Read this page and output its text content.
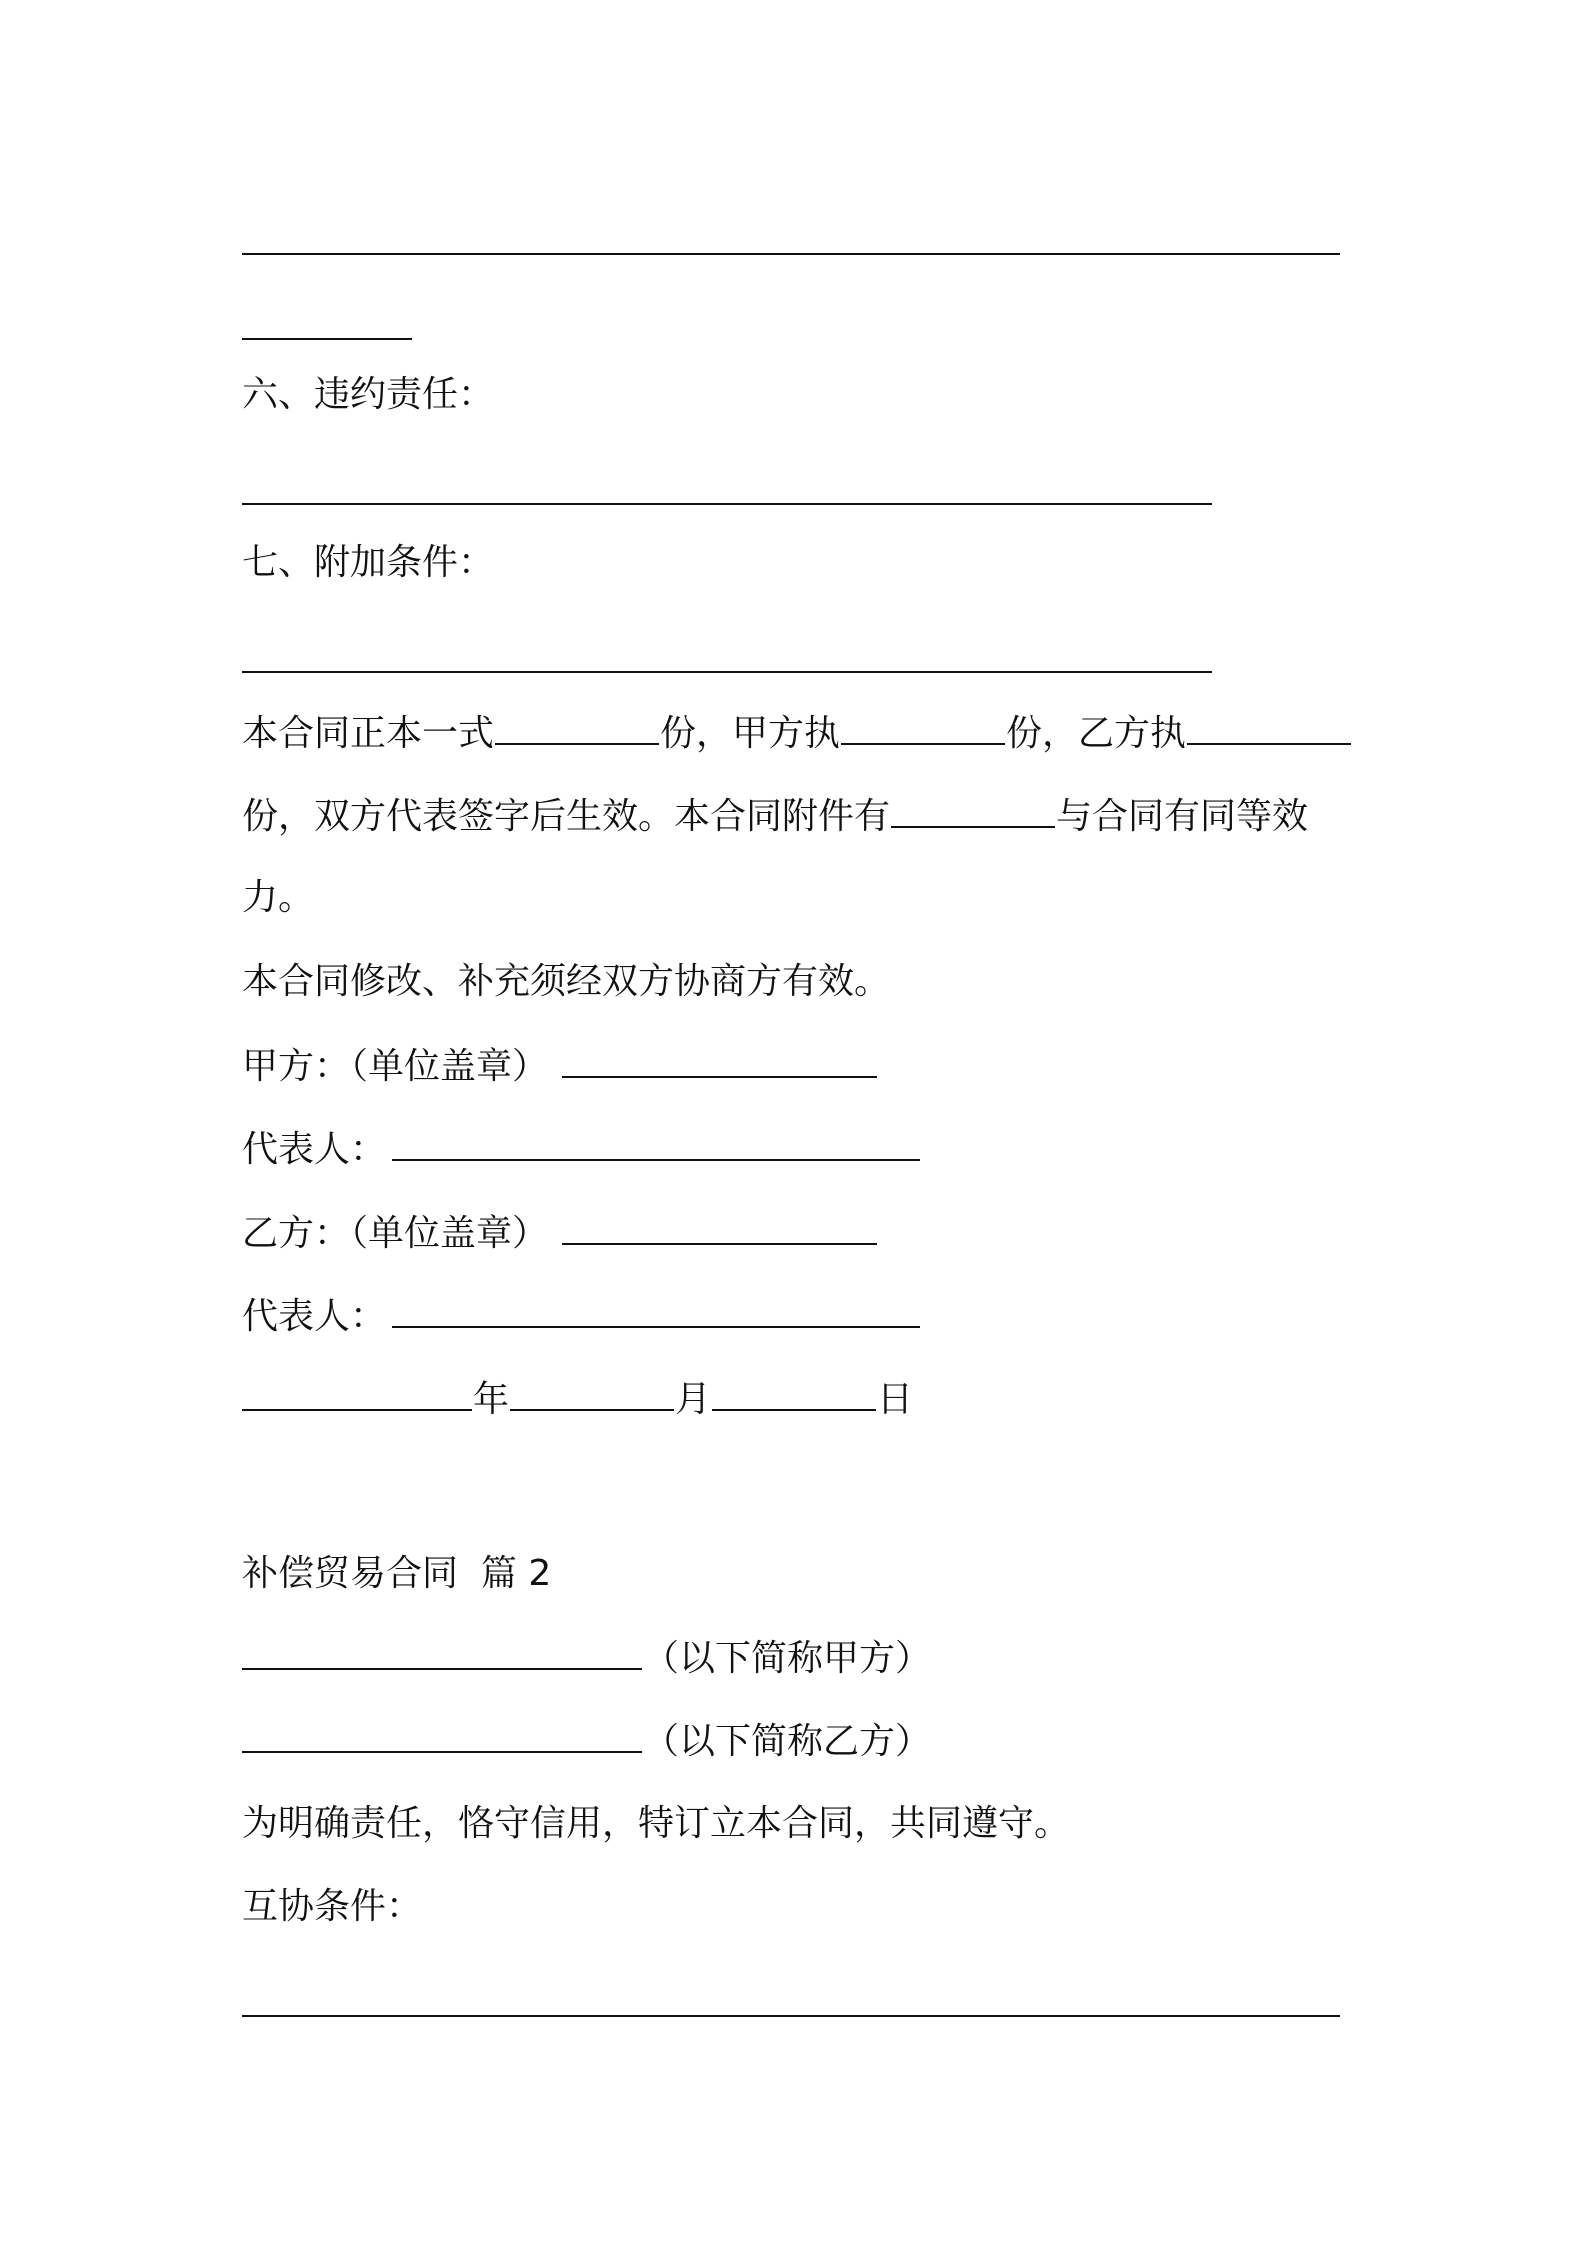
六、违约责任：
七、附加条件：
本合同正本一式	份，甲方执	份，乙方执
份，双方代表签字后生效。本合同附件有	与合同有同等效
力。
本合同修改、补充须经双方协商方有效。
甲方：（单位盖章）
代表人：
乙方：（单位盖章）
代表人：
年	月	日
补偿贸易合同  篇 2
（以下简称甲方）
（以下简称乙方）
为明确责任，恪守信用，特订立本合同，共同遵守。
互协条件：
